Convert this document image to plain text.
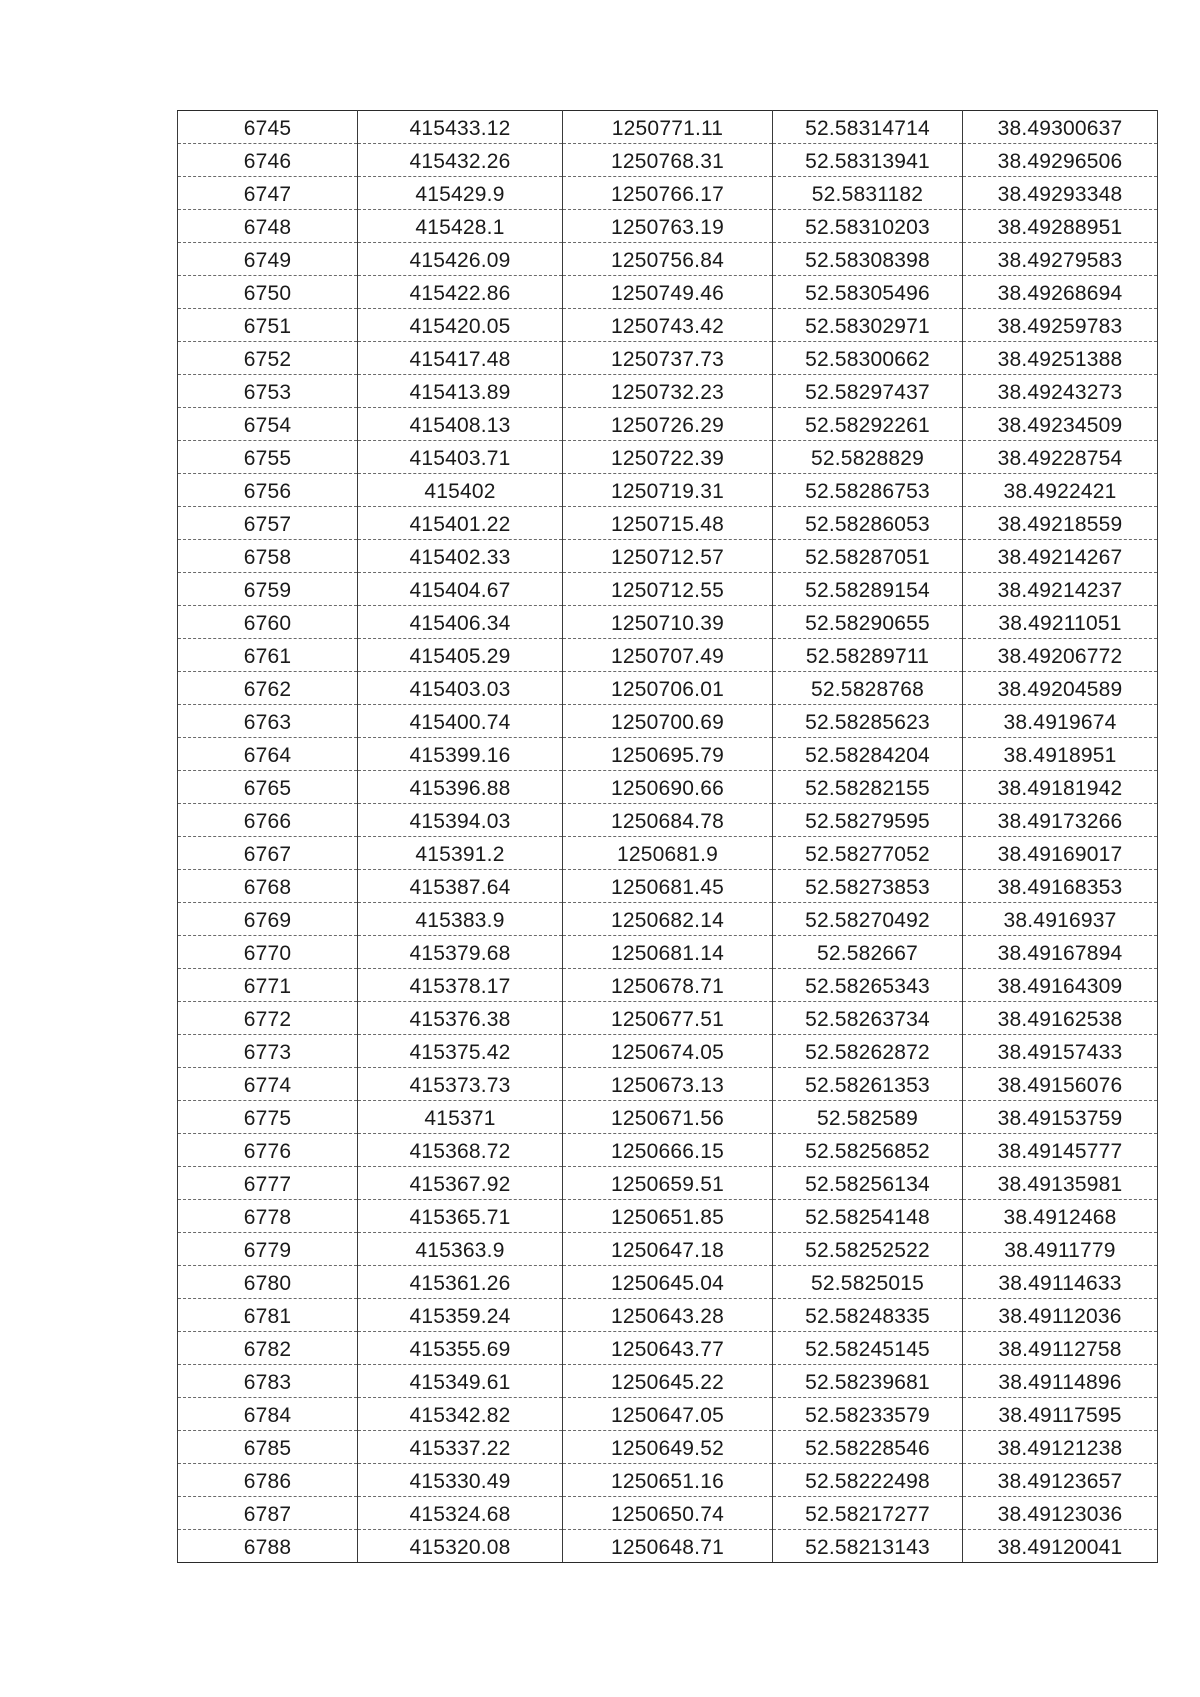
6745	415433.12	1250771.11	52.58314714	38.49300637
6746	415432.26	1250768.31	52.58313941	38.49296506
6747	415429.9	1250766.17	52.5831182	38.49293348
6748	415428.1	1250763.19	52.58310203	38.49288951
6749	415426.09	1250756.84	52.58308398	38.49279583
6750	415422.86	1250749.46	52.58305496	38.49268694
6751	415420.05	1250743.42	52.58302971	38.49259783
6752	415417.48	1250737.73	52.58300662	38.49251388
6753	415413.89	1250732.23	52.58297437	38.49243273
6754	415408.13	1250726.29	52.58292261	38.49234509
6755	415403.71	1250722.39	52.5828829	38.49228754
6756	415402	1250719.31	52.58286753	38.4922421
6757	415401.22	1250715.48	52.58286053	38.49218559
6758	415402.33	1250712.57	52.58287051	38.49214267
6759	415404.67	1250712.55	52.58289154	38.49214237
6760	415406.34	1250710.39	52.58290655	38.49211051
6761	415405.29	1250707.49	52.58289711	38.49206772
6762	415403.03	1250706.01	52.5828768	38.49204589
6763	415400.74	1250700.69	52.58285623	38.4919674
6764	415399.16	1250695.79	52.58284204	38.4918951
6765	415396.88	1250690.66	52.58282155	38.49181942
6766	415394.03	1250684.78	52.58279595	38.49173266
6767	415391.2	1250681.9	52.58277052	38.49169017
6768	415387.64	1250681.45	52.58273853	38.49168353
6769	415383.9	1250682.14	52.58270492	38.4916937
6770	415379.68	1250681.14	52.582667	38.49167894
6771	415378.17	1250678.71	52.58265343	38.49164309
6772	415376.38	1250677.51	52.58263734	38.49162538
6773	415375.42	1250674.05	52.58262872	38.49157433
6774	415373.73	1250673.13	52.58261353	38.49156076
6775	415371	1250671.56	52.582589	38.49153759
6776	415368.72	1250666.15	52.58256852	38.49145777
6777	415367.92	1250659.51	52.58256134	38.49135981
6778	415365.71	1250651.85	52.58254148	38.4912468
6779	415363.9	1250647.18	52.58252522	38.4911779
6780	415361.26	1250645.04	52.5825015	38.49114633
6781	415359.24	1250643.28	52.58248335	38.49112036
6782	415355.69	1250643.77	52.58245145	38.49112758
6783	415349.61	1250645.22	52.58239681	38.49114896
6784	415342.82	1250647.05	52.58233579	38.49117595
6785	415337.22	1250649.52	52.58228546	38.49121238
6786	415330.49	1250651.16	52.58222498	38.49123657
6787	415324.68	1250650.74	52.58217277	38.49123036
6788	415320.08	1250648.71	52.58213143	38.49120041
